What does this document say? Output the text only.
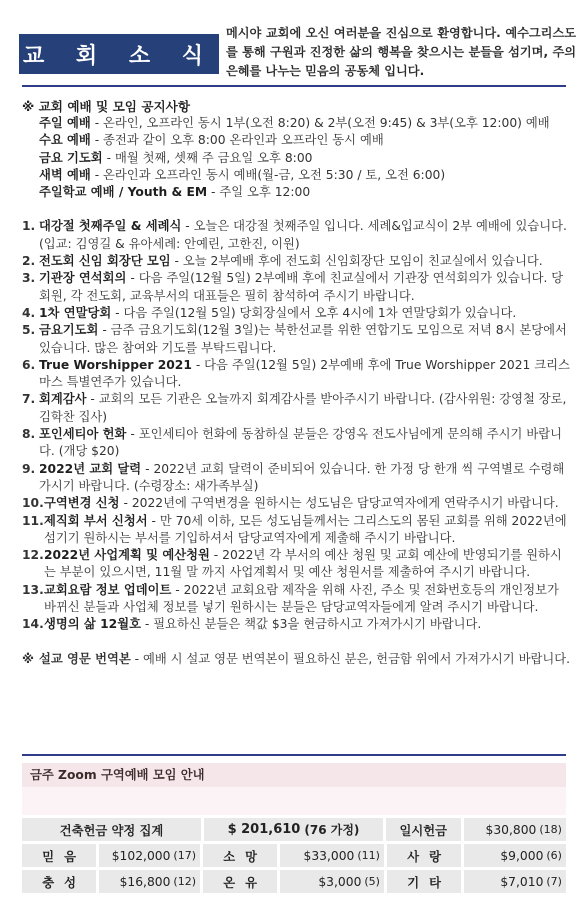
교 회 소 식
메시야 교회에 오신 여러분을 진심으로 환영합니다. 예수그리스도를 통해 구원과 진정한 삶의 행복을 찾으시는 분들을 섬기며, 주의 은혜를 나누는 믿음의 공동체 입니다.
※ 교회 예배 및 모임 공지사항
주일 예배 - 온라인, 오프라인 동시 1부(오전 8:20) & 2부(오전 9:45) & 3부(오후 12:00) 예배
수요 예배 - 종전과 같이 오후 8:00 온라인과 오프라인 동시 예배
금요 기도회 - 매월 첫째, 셋째 주 금요일 오후 8:00
새벽 예배 - 온라인과 오프라인 동시 예배(월-금, 오전 5:30 / 토, 오전 6:00)
주일학교 예배 / Youth & EM - 주일 오후 12:00
1. 대강절 첫째주일 & 세례식 - 오늘은 대강절 첫째주일 입니다. 세례&입교식이 2부 예배에 있습니다. (입교: 김영길 & 유아세례: 안예린, 고한진, 이원)
2. 전도회 신임 회장단 모임 - 오늘 2부예배 후에 전도회 신임회장단 모임이 친교실에서 있습니다.
3. 기관장 연석회의 - 다음 주일(12월 5일) 2부예배 후에 친교실에서 기관장 연석회의가 있습니다. 당회원, 각 전도회, 교육부서의 대표들은 필히 참석하여 주시기 바랍니다.
4. 1차 연말당회 - 다음 주일(12월 5일) 당회장실에서 오후 4시에 1차 연말당회가 있습니다.
5. 금요기도회 - 금주 금요기도회(12월 3일)는 북한선교를 위한 연합기도 모임으로 저녁 8시 본당에서 있습니다. 많은 참여와 기도를 부탁드립니다.
6. True Worshipper 2021 - 다음 주일(12월 5일) 2부예배 후에 True Worshipper 2021 크리스마스 특별연주가 있습니다.
7. 회계감사 - 교회의 모든 기관은 오늘까지 회계감사를 받아주시기 바랍니다. (감사위원: 강영철 장로, 김학찬 집사)
8. 포인세티아 헌화 - 포인세티아 헌화에 동참하실 분들은 강영옥 전도사님에게 문의해 주시기 바랍니다. (개당 $20)
9. 2022년 교회 달력 - 2022년 교회 달력이 준비되어 있습니다. 한 가정 당 한개 씩 구역별로 수령해 가시기 바랍니다. (수령장소: 새가족부실)
10. 구역변경 신청 - 2022년에 구역변경을 원하시는 성도님은 담당교역자에게 연락주시기 바랍니다.
11. 제직회 부서 신청서 - 만 70세 이하, 모든 성도님들께서는 그리스도의 몸된 교회를 위해 2022년에 섬기기 원하시는 부서를 기입하셔서 담당교역자에게 제출해 주시기 바랍니다.
12. 2022년 사업계획 및 예산청원 - 2022년 각 부서의 예산 청원 및 교회 예산에 반영되기를 원하시는 부분이 있으시면, 11월 말 까지 사업계획서 및 예산 청원서를 제출하여 주시기 바랍니다.
13. 교회요람 정보 업데이트 - 2022년 교회요람 제작을 위해 사진, 주소 및 전화번호등의 개인정보가 바뀌신 분들과 사업체 정보를 넣기 원하시는 분들은 담당교역자들에게 알려 주시기 바랍니다.
14. 생명의 삶 12월호 - 필요하신 분들은 책값 $3을 현금하시고 가져가시기 바랍니다.
※ 설교 영문 번역본 - 예배 시 설교 영문 번역본이 필요하신 분은, 헌금함 위에서 가져가시기 바랍니다.
금주 Zoom 구역예배 모임 안내
건축헌금 약정 집계	$ 201,610 (76 가정)	일시헌금	$30,800 (18)
믿음	$102,000 (17)	소망	$33,000 (11)	사랑	$9,000 (6)
충성	$16,800 (12)	온유	$3,000 (5)	기타	$7,010 (7)
